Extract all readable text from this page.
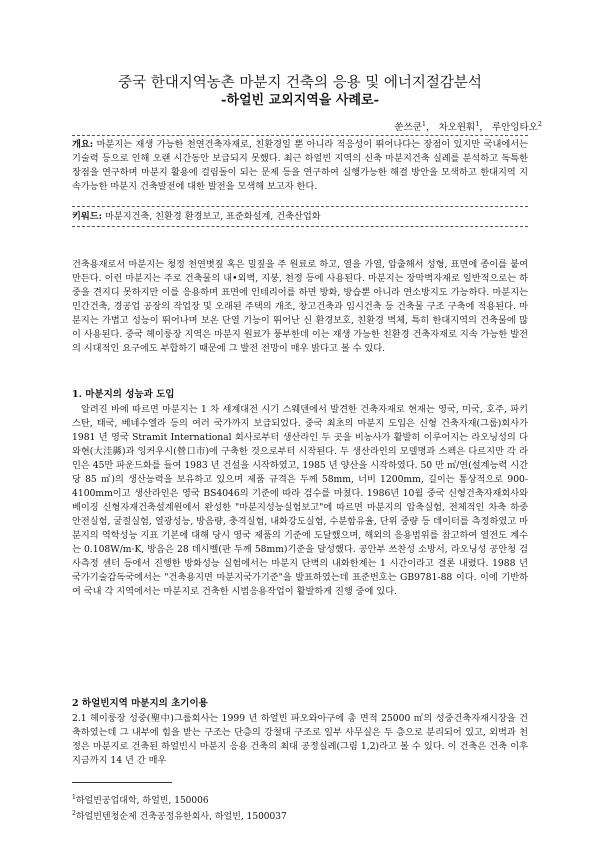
중국 한대지역농촌 마분지 건축의 응용 및 에너지절감분석
-하얼빈 교외지역을 사례로-
쑨쓰쿤$^1$， 차오윈훠$^1$， 루안잉타오$^2$

개요: 마분지는 재생 가능한 천연건축자재로, 친환경일 뿐 아니라 적응성이 뛰어나다는 장점이 있지만 국내에서는 기술력 등으로 인해 오랜 시간동안 보급되지 못했다. 최근 하얼빈 지역의 신축 마분지건축 실례를 분석하고 독특한 장점을 연구하며 마분지 활용에 걸림돌이 되는 문제 등을 연구하여 실행가능한 해결 방안을 모색하고 한대지역 지속가능한 마분지 건축발전에 대한 발전을 모색해 보고자 한다.

키워드: 마분지건축, 친환경 환경보고, 표준화설계, 건축산업화

건축용재로서 마분지는 청정 천연볏짚 혹은 밀짚을 주 원료로 하고, 열을 가열, 압출해서 성형, 표면에 종이를 붙여 만든다. 이런 마분지는 주로 건축물의 내•외벽, 지붕, 천정 등에 사용된다. 마분지는 장막벽자재로 일반적으로는 하중을 견지디 못하지만 이를 응용하며 표면에 인테리어를 하면 방화, 방습뿐 아니라 연소방지도 가능하다. 마분지는 민간건축, 경공업 공장의 작업장 및 오래된 주택의 개조, 창고건축과 임시건축 등 건축물 구조 구축에 적용된다. 마분지는 가볍고 성능이 뛰어나며 보온 단열 기능이 뛰어난 신 환경보호, 친환경 벽체, 특히 한대지역의 건축물에 많이 사용된다. 중국 헤이룽장 지역은 마분지 원료가 풍부한데 이는 재생 가능한 친환경 건축자재로 지속 가능한 발전의 시대적인 요구에도 부합하기 때문에 그 발전 전망이 매우 밝다고 볼 수 있다.

1. 마분지의 성능과 도입

알려진 바에 따르면 마분지는 1 차 세계대전 시기 스웨덴에서 발견한 건축자재로 현재는 영국, 미국, 호주, 파키스탄, 태국, 베네수엘라 등의 여러 국가까지 보급되었다. 중국 최초의 마분지 도입은 신형 건축자재(그룹)회사가 1981 년 영국 Stramit International 회사로부터 생산라인 두 곳을 비농사가 활발히 이루어지는 라오닝성의 다 와현(大洼縣)과 잉커우시(營口市)에 구축한 것으로부터 시작된다. 두 생산라인의 모델명과 스펙은 다르지만 각 라인은 45만 파운드화를 들여 1983 년 건설을 시작하였고, 1985 년 양산을 시작하였다. 50 만 ㎡/연(설계능력 시간 당 85 ㎡)의 생산능력을 보유하고 있으며 제품 규격은 두께 58mm, 너비 1200mm, 길이는 통상적으로 900-4100mm이고 생산라인은 영국 BS4046의 기준에 따라 검수를 마쳤다. 1986년 10월 중국 신형건축자재회사와 베이징 신형자재건축설계원에서 완성한 "마분지성능실험보고"에 따르면 마분지의 압축실험, 전체적인 차축 하중 안전실험, 굴절실험, 열광성능, 방음량, 충격실험, 내화강도실험, 수분함유율, 단위 중량 등 데이터를 측정하였고 마분지의 역학성능 지표 기본에 대해 당시 영국 제품의 기준에 도달했으며, 해외의 응용범위를 참고하여 열전도 계수는 0.108W/m·K, 방음은 28 데시벨(판 두께 58mm)기준을 달성했다. 공안부 쓰찬성 소방서, 라오닝성 공안청 검사측정 센터 등에서 진행한 방화성능 실험에서는 마분지 단벽의 내화한계는 1 시간이라고 결론 내렸다. 1988 년 국가기술감독국에서는 "건축용지면 마분지국가기준"을 발표하였는데 표준번호는 GB9781-88 이다. 이에 기반하여 국내 각 지역에서는 마분지로 건축한 시범응용작업이 활발하게 진행 중에 있다.

2 하얼빈지역 마분지의 초기이용

2.1 헤이룽장 성중(聖中)그룹회사는 1999 년 하얼빈 파오와아구에 총 면적 25000 ㎡의 성중건축자재시장을 건축하였는데 그 내부에 힘을 받는 구조는 단층의 강철대 구조로 일부 사무실은 두 층으로 분리되어 있고, 외벽과 천정은 마분지로 건축된 하얼빈시 마분지 응용 건축의 최대 공정실례(그림 1,2)라고 볼 수 있다. 이 건축은 건축 이후 지금까지 14 년 간 매우

$^1$하얼빈공업대학, 하얼빈, 150006
$^2$하얼빈텐청순제 건축공정유한회사, 하얼빈, 1500037
